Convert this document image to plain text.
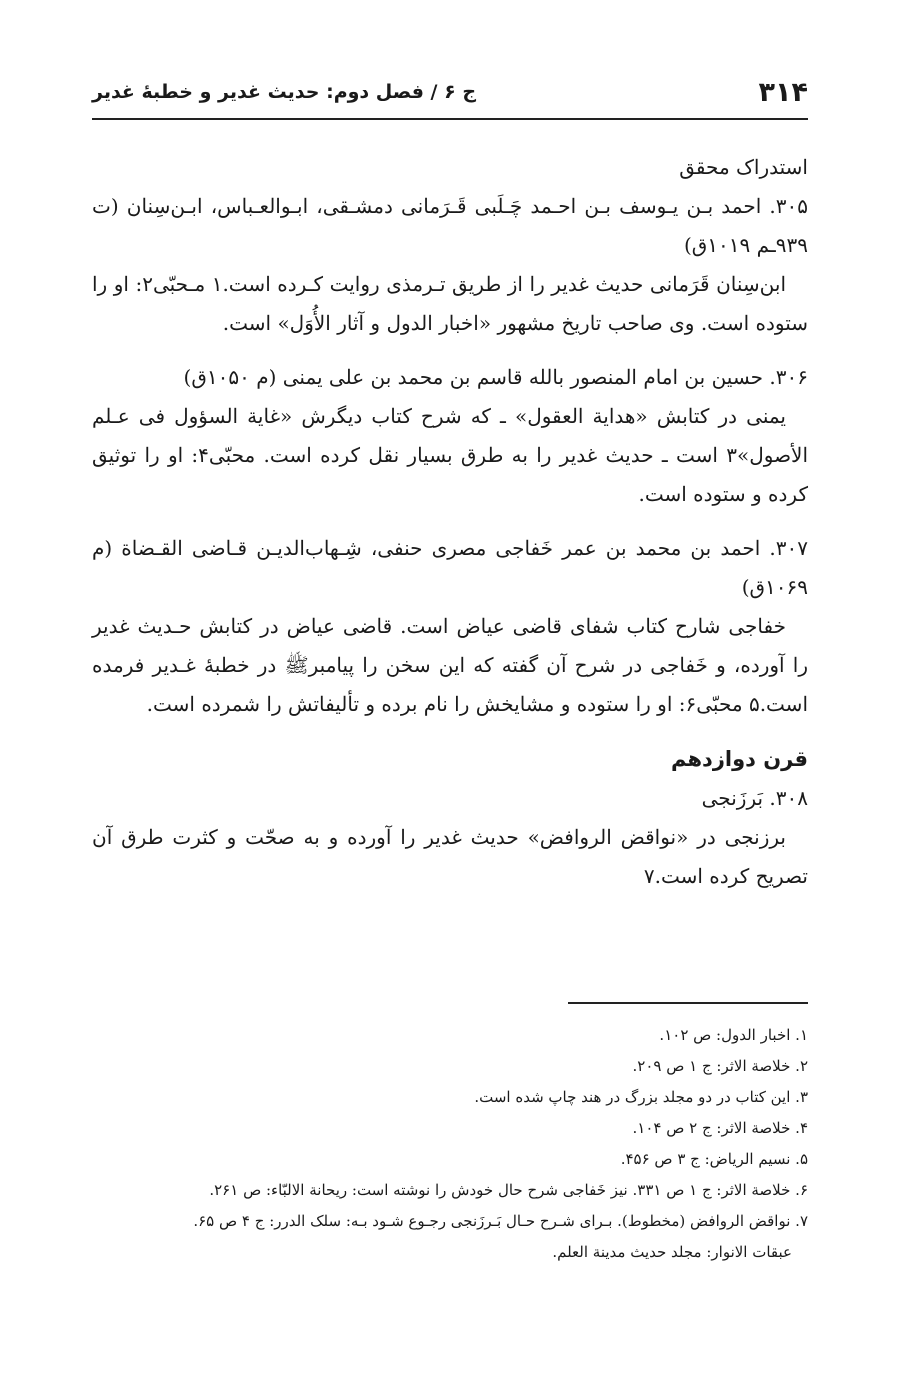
۳۱۴
ج ۶ / فصل دوم: حدیث غدیر و خطبهٔ غدیر

استدراک محقق

۳۰۵. احمد بـن یـوسف بـن احـمد چَـلَبی قَـرَمانی دمشـقی، ابـوالعـباس، ابـن‌سِنان (ت ۹۳۹ـم ۱۰۱۹ق)

ابن‌سِنان قَرَمانی حدیث غدیر را از طریق تـرمذی روایت کـرده است.۱ مـحبّی۲: او را ستوده است. وی صاحب تاریخ مشهور «اخبار الدول و آثار الأُوَل» است.

۳۰۶. حسین بن امام المنصور بالله قاسم بن محمد بن علی یمنی (م ۱۰۵۰ق)

یمنی در کتابش «هدایة العقول» ـ که شرح کتاب دیگرش «غایة السؤول فی عـلم الأصول»۳ است ـ حدیث غدیر را به طرق بسیار نقل کرده است. محبّی۴: او را توثیق کرده و ستوده است.

۳۰۷. احمد بن محمد بن عمر خَفاجی مصری حنفی، شِـهاب‌الدیـن قـاضی القـضاة (م ۱۰۶۹ق)

خفاجی شارح کتاب شفای قاضی عیاض است. قاضی عیاض در کتابش حـدیث غدیر را آورده، و خَفاجی در شرح آن گفته که این سخن را پیامبرﷺ در خطبهٔ غـدیر فرمده است.۵ محبّی۶: او را ستوده و مشایخش را نام برده و تألیفاتش را شمرده است.

قرن دوازدهم

۳۰۸. بَرزَنجی

برزنجی در «نواقض الروافض» حدیث غدیر را آورده و به صحّت و کثرت طرق آن تصریح کرده است.۷

۱. اخبار الدول: ص ۱۰۲.

۲. خلاصة الاثر: ج ۱ ص ۲۰۹.

۳. این کتاب در دو مجلد بزرگ در هند چاپ شده است.

۴. خلاصة الاثر: ج ۲ ص ۱۰۴.

۵. نسیم الریاض: ج ۳ ص ۴۵۶.

۶. خلاصة الاثر: ج ۱ ص ۳۳۱. نیز خَفاجی شرح حال خودش را نوشته است: ریحانة الالبّاء: ص ۲۶۱.

۷. نواقض الروافض (مخطوط). بـرای شـرح حـال بَـرزَنجی رجـوع شـود بـه: سلک الدرر: ج ۴ ص ۶۵.

عبقات الانوار: مجلد حدیث مدینة العلم.
